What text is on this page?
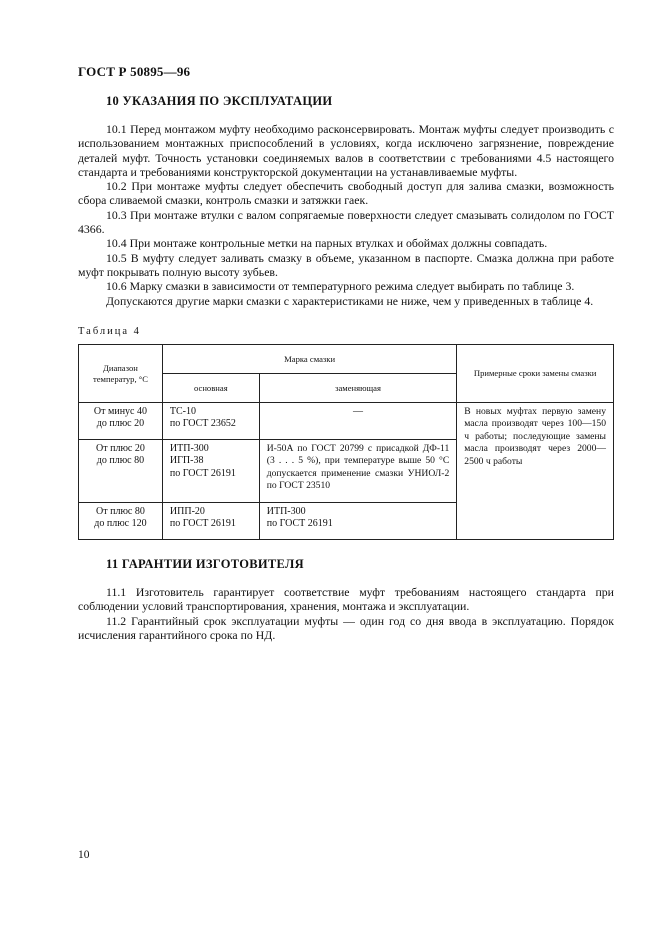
ГОСТ Р 50895—96
10 УКАЗАНИЯ ПО ЭКСПЛУАТАЦИИ

10.1 Перед монтажом муфту необходимо расконсервировать. Монтаж муфты следует производить с использованием монтажных приспособлений в условиях, когда исключено загрязнение, повреждение деталей муфт. Точность установки соединяемых валов в соответствии с требованиями 4.5 настоящего стандарта и требованиями конструкторской документации на устанавливаемые муфты.

10.2 При монтаже муфты следует обеспечить свободный доступ для залива смазки, возможность сбора сливаемой смазки, контроль смазки и затяжки гаек.

10.3 При монтаже втулки с валом сопрягаемые поверхности следует смазывать солидолом по ГОСТ 4366.

10.4 При монтаже контрольные метки на парных втулках и обоймах должны совпадать.

10.5 В муфту следует заливать смазку в объеме, указанном в паспорте. Смазка должна при работе муфт покрывать полную высоту зубьев.

10.6 Марку смазки в зависимости от температурного режима следует выбирать по таблице 3.

Допускаются другие марки смазки с характеристиками не ниже, чем у приведенных в таблице 4.

Таблица 4
Диапазон температур, °С	Марка смазки		Примерные сроки замены смазки
	основная	заменяющая	

От минус 40
до плюс 20	ТС-10
по ГОСТ 23652	—	В новых муфтах первую замену масла производят через 100—150 ч работы; последующие замены масла производят через 2000—2500 ч работы

От плюс 20
до плюс 80	ИТП-300
ИГП-38
по ГОСТ 26191	И-50А по ГОСТ 20799 с присадкой ДФ-11 (3 . . . 5 %), при температуре выше 50 °С допускается применение смазки УНИОЛ-2 по ГОСТ 23510	

От плюс 80
до плюс 120	ИПП-20
по ГОСТ 26191	ИТП-300
по ГОСТ 26191	
11 ГАРАНТИИ ИЗГОТОВИТЕЛЯ

11.1 Изготовитель гарантирует соответствие муфт требованиям настоящего стандарта при соблюдении условий транспортирования, хранения, монтажа и эксплуатации.

11.2 Гарантийный срок эксплуатации муфты — один год со дня ввода в эксплуатацию. Порядок исчисления гарантийного срока по НД.

10
